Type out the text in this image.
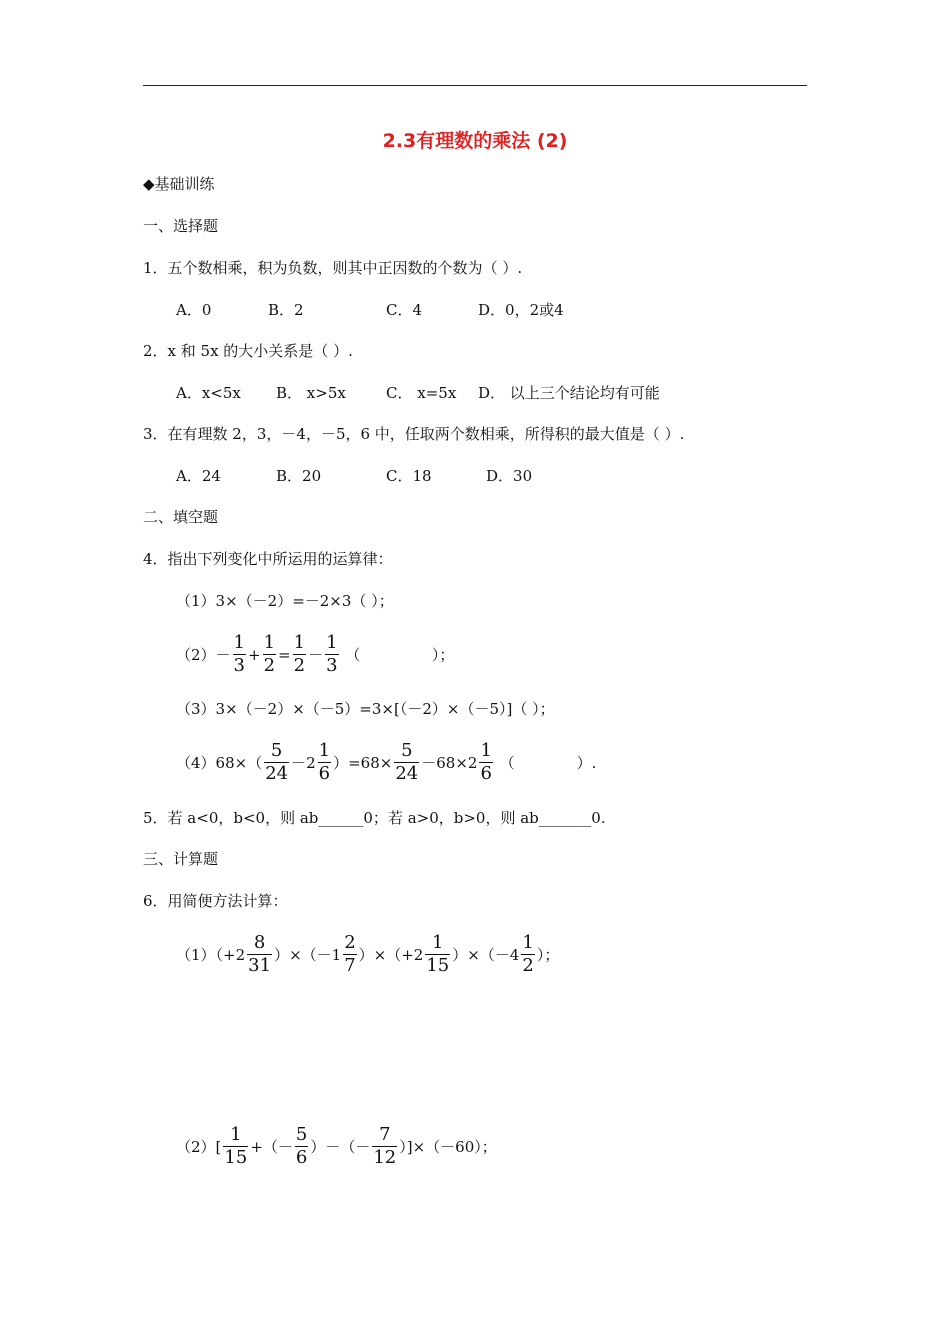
2.3有理数的乘法 (2)
◆基础训练
一、选择题
1．五个数相乘，积为负数，则其中正因数的个数为（ ）.
A．0	B．2	C．4	D．0，2或4
2．x 和 5x 的大小关系是（ ）.
A．x<5x B． x>5x	C． x=5x D． 以上三个结论均有可能
3．在有理数 2，3，－4，－5，6 中，任取两个数相乘，所得积的最大值是（ ）.
A．24	B．20	C．18	D．30
二、填空题
4．指出下列变化中所运用的运算律：
（1）3×（－2）=－2×3（ ）；
（2）－
1
3
+ $\frac{1}{2} = \frac{1}{2}$ －
1
3 （               ）；
（3）3×（－2）×（－5）=3×[（－2）×（－5）]（ ）；
（4）68×（
5
24 －2
1
6 ）$=68\times \frac{5}{24} -68\times 2$
1
6 （             ）.
5．若 a<0，b<0，则 ab______0；若 a>0，b>0，则 ab_______0.
三、计算题
6．用简便方法计算：
（1）（+2
8
31 ）×（－1
2
7 ）×（+2
1
15 ）×（－4
1
2 ）；
（2）[
1
15 +（－
5
6 ）－（－
7
12 ）]×（－60）；
